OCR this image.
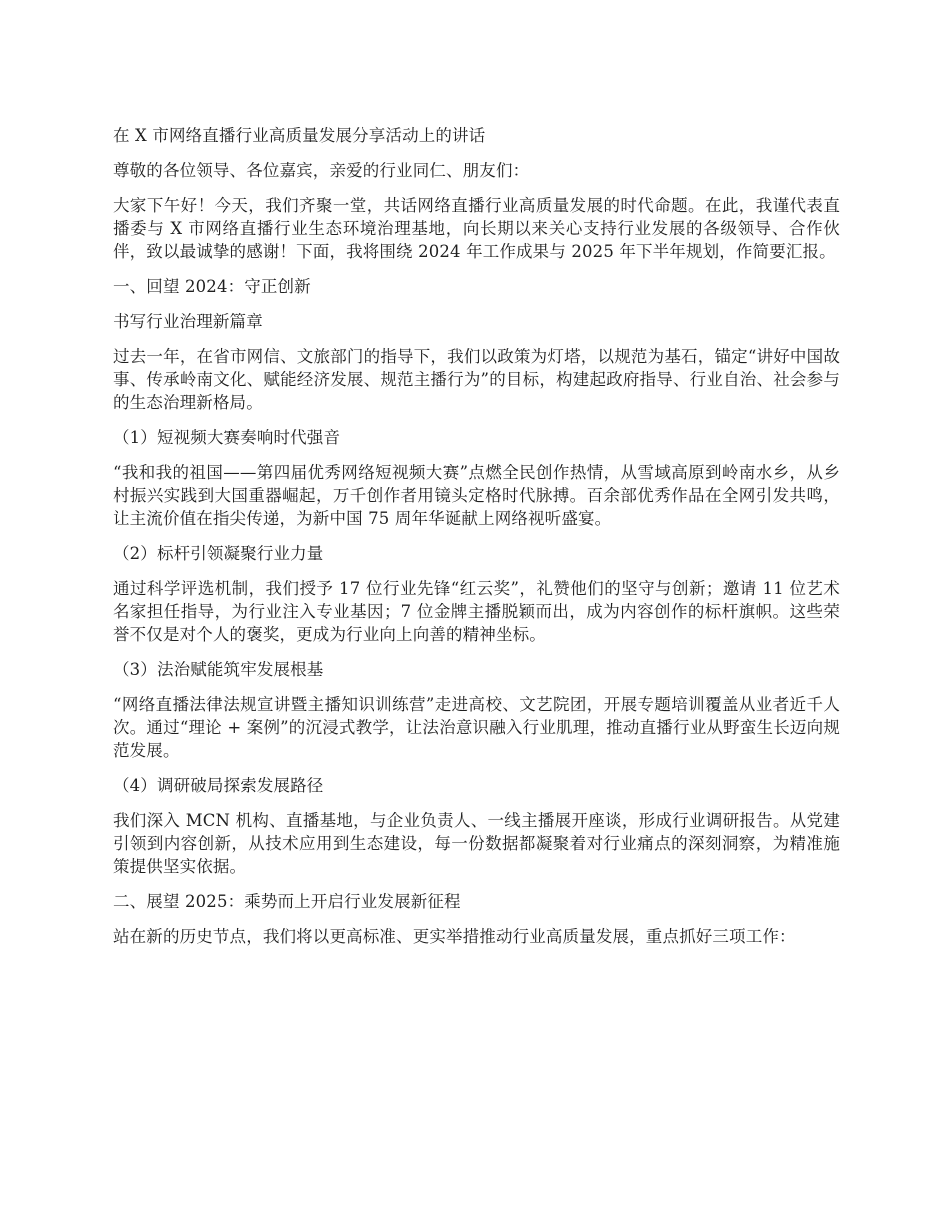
在 X 市网络直播行业高质量发展分享活动上的讲话

尊敬的各位领导、各位嘉宾，亲爱的行业同仁、朋友们：

大家下午好！今天，我们齐聚一堂，共话网络直播行业高质量发展的时代命题。在此，我谨代表直播委与 X 市网络直播行业生态环境治理基地，向长期以来关心支持行业发展的各级领导、合作伙伴，致以最诚挚的感谢！下面，我将围绕 2024 年工作成果与 2025 年下半年规划，作简要汇报。

一、回望 2024：守正创新

书写行业治理新篇章

过去一年，在省市网信、文旅部门的指导下，我们以政策为灯塔，以规范为基石，锚定“讲好中国故事、传承岭南文化、赋能经济发展、规范主播行为”的目标，构建起政府指导、行业自治、社会参与的生态治理新格局。

（1）短视频大赛奏响时代强音

“我和我的祖国——第四届优秀网络短视频大赛”点燃全民创作热情，从雪域高原到岭南水乡，从乡村振兴实践到大国重器崛起，万千创作者用镜头定格时代脉搏。百余部优秀作品在全网引发共鸣，让主流价值在指尖传递，为新中国 75 周年华诞献上网络视听盛宴。

（2）标杆引领凝聚行业力量

通过科学评选机制，我们授予 17 位行业先锋“红云奖”，礼赞他们的坚守与创新；邀请 11 位艺术名家担任指导，为行业注入专业基因；7 位金牌主播脱颖而出，成为内容创作的标杆旗帜。这些荣誉不仅是对个人的褒奖，更成为行业向上向善的精神坐标。

（3）法治赋能筑牢发展根基

“网络直播法律法规宣讲暨主播知识训练营”走进高校、文艺院团，开展专题培训覆盖从业者近千人次。通过“理论 + 案例”的沉浸式教学，让法治意识融入行业肌理，推动直播行业从野蛮生长迈向规范发展。

（4）调研破局探索发展路径

我们深入 MCN 机构、直播基地，与企业负责人、一线主播展开座谈，形成行业调研报告。从党建引领到内容创新，从技术应用到生态建设，每一份数据都凝聚着对行业痛点的深刻洞察，为精准施策提供坚实依据。

二、展望 2025：乘势而上开启行业发展新征程

站在新的历史节点，我们将以更高标准、更实举措推动行业高质量发展，重点抓好三项工作：
